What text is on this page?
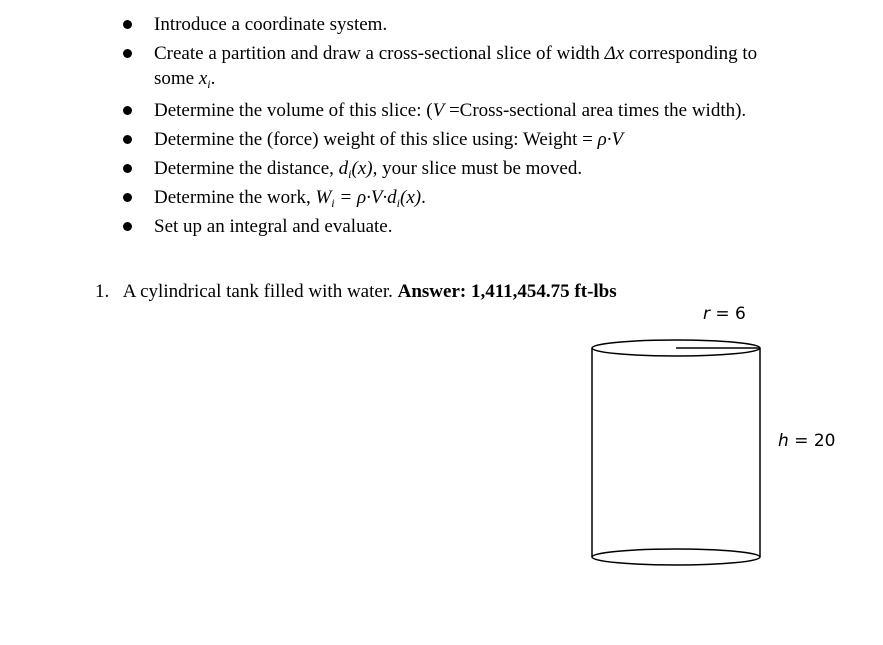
Introduce a coordinate system.
Create a partition and draw a cross-sectional slice of width Δx corresponding to
some $x_i$.
Determine the volume of this slice: (V =Cross-sectional area times the width).
Determine the (force) weight of this slice using: Weight = ρ·V
Determine the distance, $d_i(x)$, your slice must be moved.
Determine the work, $W_i = \rho\cdot V\cdot d_i(x)$.
Set up an integral and evaluate.
1. A cylindrical tank filled with water. Answer: 1,411,454.75 ft-lbs
r = 6
h = 20
